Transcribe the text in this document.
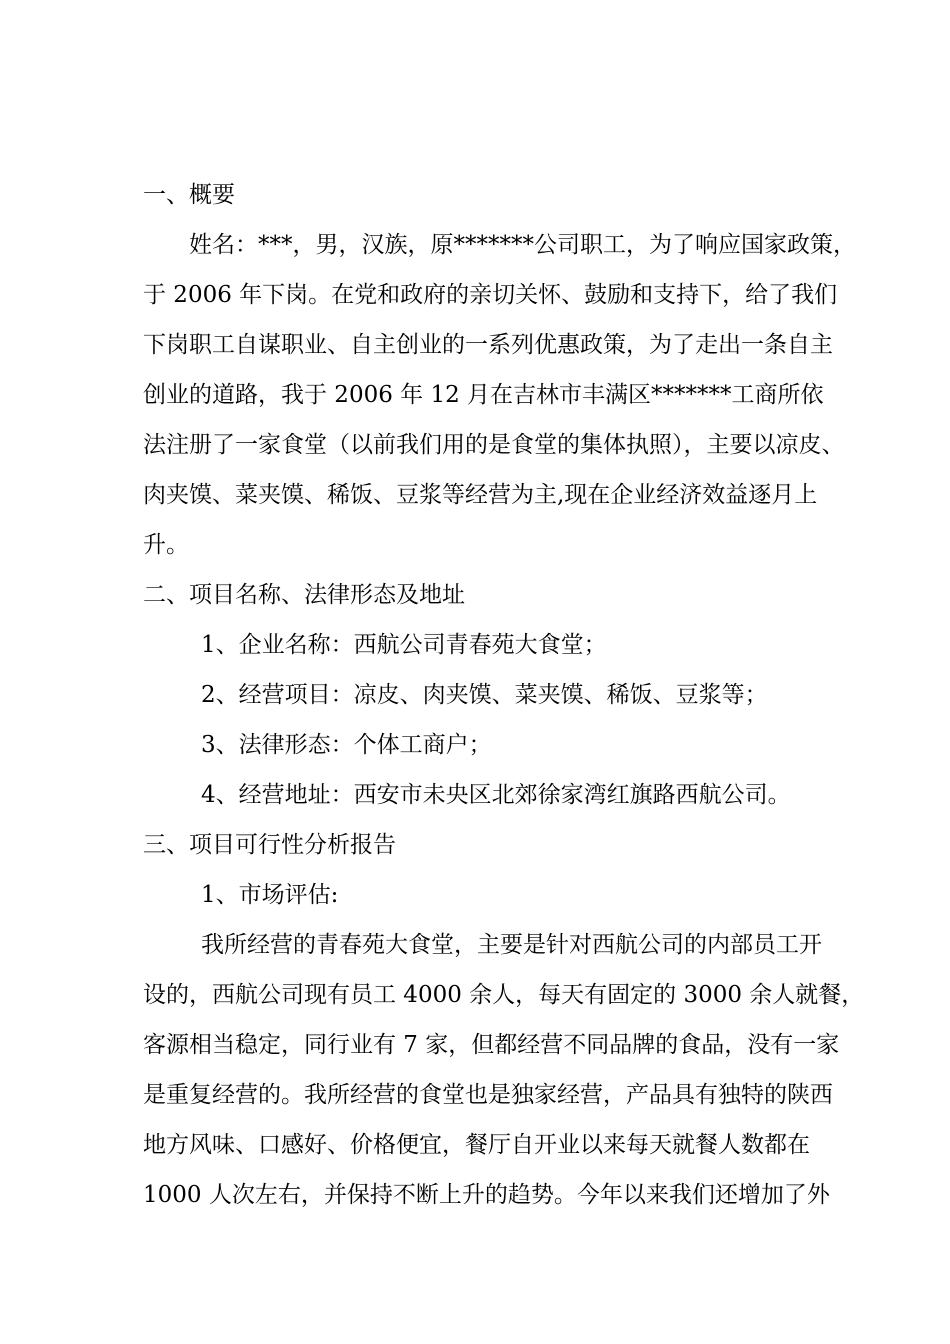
一、概要
姓名：***，男，汉族，原*******公司职工，为了响应国家政策，
于 2006 年下岗。在党和政府的亲切关怀、鼓励和支持下，给了我们
下岗职工自谋职业、自主创业的一系列优惠政策，为了走出一条自主
创业的道路，我于 2006 年 12 月在吉林市丰满区*******工商所依
法注册了一家食堂（以前我们用的是食堂的集体执照），主要以凉皮、
肉夹馍、菜夹馍、稀饭、豆浆等经营为主,现在企业经济效益逐月上
升。
二、项目名称、法律形态及地址
1、企业名称：西航公司青春苑大食堂；
2、经营项目：凉皮、肉夹馍、菜夹馍、稀饭、豆浆等；
3、法律形态：个体工商户；
4、经营地址：西安市未央区北郊徐家湾红旗路西航公司。
三、项目可行性分析报告
1、市场评估:
我所经营的青春苑大食堂，主要是针对西航公司的内部员工开
设的，西航公司现有员工 4000 余人，每天有固定的 3000 余人就餐，
客源相当稳定，同行业有 7 家，但都经营不同品牌的食品，没有一家
是重复经营的。我所经营的食堂也是独家经营，产品具有独特的陕西
地方风味、口感好、价格便宜，餐厅自开业以来每天就餐人数都在
1000 人次左右，并保持不断上升的趋势。今年以来我们还增加了外
